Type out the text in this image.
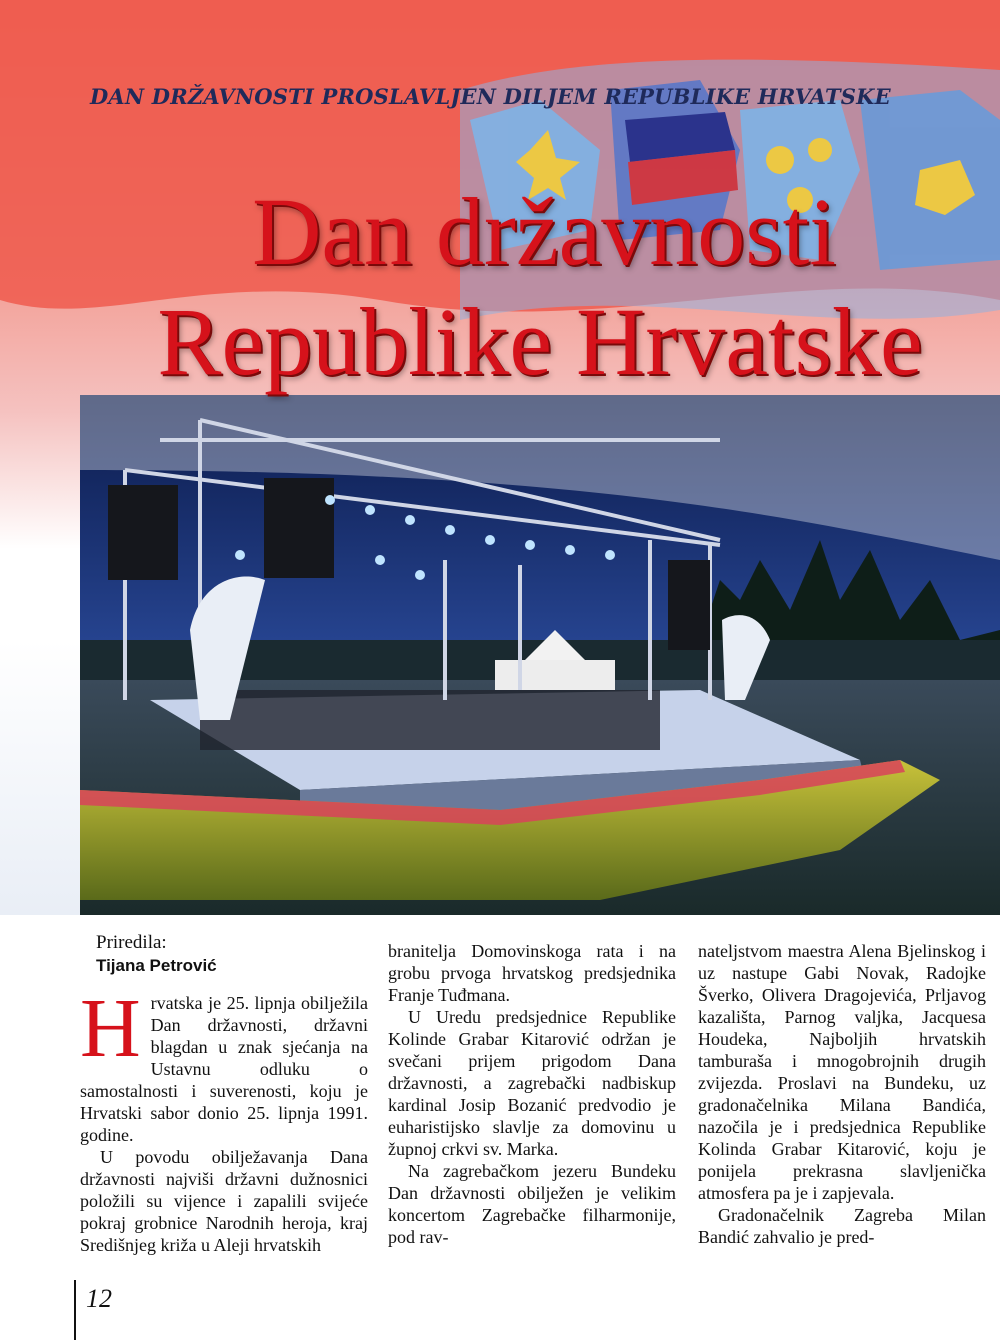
DAN DRŽAVNOSTI PROSLAVLJEN DILJEM REPUBLIKE HRVATSKE
Dan državnosti
Republike Hrvatske
Priredila:
Tijana Petrović

Hrvatska je 25. lipnja obilježila Dan državnosti, državni blagdan u znak sjećanja na Ustavnu odluku o samostalnosti i suverenosti, koju je Hrvatski sabor donio 25. lipnja 1991. godine.

U povodu obilježavanja Dana državnosti najviši državni dužnosnici položili su vijence i zapalili svijeće pokraj grobnice Narodnih heroja, kraj Središnjeg križa u Aleji hrvatskih

branitelja Domovinskoga rata i na grobu prvoga hrvatskog predsjednika Franje Tuđmana.

U Uredu predsjednice Republike Kolinde Grabar Kitarović održan je svečani prijem prigodom Dana državnosti, a zagrebački nadbiskup kardinal Josip Bozanić predvodio je euharistijsko slavlje za domovinu u župnoj crkvi sv. Marka.

Na zagrebačkom jezeru Bundeku Dan državnosti obilježen je velikim koncertom Zagrebačke filharmonije, pod rav-

nateljstvom maestra Alena Bjelinskog i uz nastupe Gabi Novak, Radojke Šverko, Olivera Dragojevića, Prljavog kazališta, Parnog valjka, Jacquesa Houdeka, Najboljih hrvatskih tamburaša i mnogobrojnih drugih zvijezda. Proslavi na Bundeku, uz gradonačelnika Milana Bandića, nazočila je i predsjednica Republike Kolinda Grabar Kitarović, koju je ponijela prekrasna slavljenička atmosfera pa je i zapjevala.

Gradonačelnik Zagreba Milan Bandić zahvalio je pred-

12
